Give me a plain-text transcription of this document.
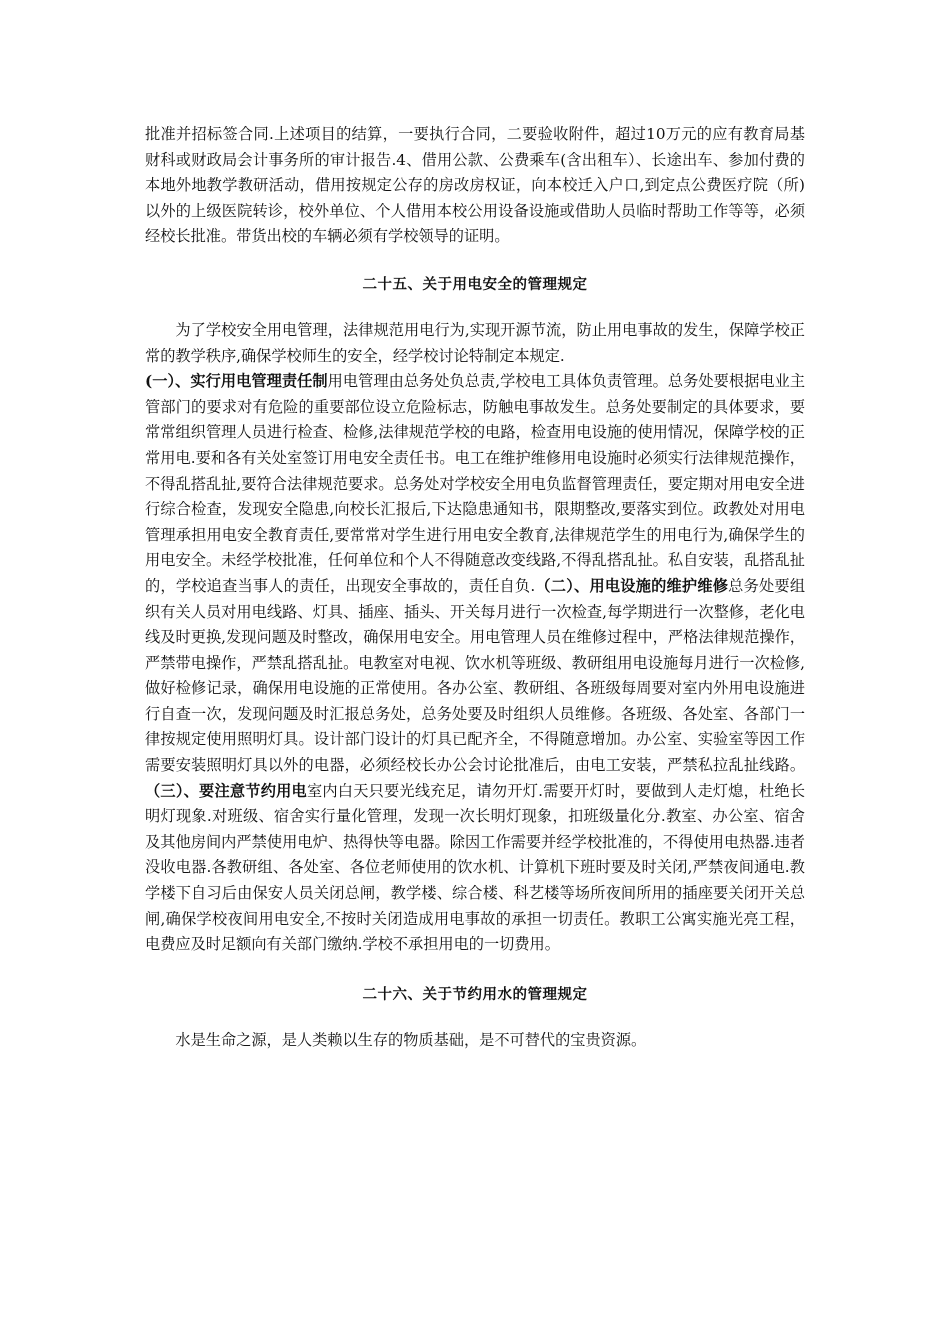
批准并招标签合同.上述项目的结算，一要执行合同，二要验收附件，超过10万元的应有教育局基财科或财政局会计事务所的审计报告.4、借用公款、公费乘车(含出租车）、长途出车、参加付费的本地外地教学教研活动，借用按规定公存的房改房权证，向本校迁入户口,到定点公费医疗院（所)以外的上级医院转诊，校外单位、个人借用本校公用设备设施或借助人员临时帮助工作等等，必须经校长批准。带货出校的车辆必须有学校领导的证明。

二十五、关于用电安全的管理规定

为了学校安全用电管理，法律规范用电行为,实现开源节流，防止用电事故的发生，保障学校正常的教学秩序,确保学校师生的安全，经学校讨论特制定本规定.

(一）、实行用电管理责任制用电管理由总务处负总责,学校电工具体负责管理。总务处要根据电业主管部门的要求对有危险的重要部位设立危险标志，防触电事故发生。总务处要制定的具体要求，要常常组织管理人员进行检查、检修,法律规范学校的电路，检查用电设施的使用情况，保障学校的正常用电.要和各有关处室签订用电安全责任书。电工在维护维修用电设施时必须实行法律规范操作，不得乱搭乱扯,要符合法律规范要求。总务处对学校安全用电负监督管理责任，要定期对用电安全进行综合检查，发现安全隐患,向校长汇报后,下达隐患通知书，限期整改,要落实到位。政教处对用电管理承担用电安全教育责任,要常常对学生进行用电安全教育,法律规范学生的用电行为,确保学生的用电安全。未经学校批准，任何单位和个人不得随意改变线路,不得乱搭乱扯。私自安装，乱搭乱扯的，学校追查当事人的责任，出现安全事故的，责任自负.（二）、用电设施的维护维修总务处要组织有关人员对用电线路、灯具、插座、插头、开关每月进行一次检查,每学期进行一次整修，老化电线及时更换,发现问题及时整改，确保用电安全。用电管理人员在维修过程中，严格法律规范操作，严禁带电操作，严禁乱搭乱扯。电教室对电视、饮水机等班级、教研组用电设施每月进行一次检修,做好检修记录，确保用电设施的正常使用。各办公室、教研组、各班级每周要对室内外用电设施进行自查一次，发现问题及时汇报总务处，总务处要及时组织人员维修。各班级、各处室、各部门一律按规定使用照明灯具。设计部门设计的灯具已配齐全，不得随意增加。办公室、实验室等因工作需要安装照明灯具以外的电器，必须经校长办公会讨论批准后，由电工安装，严禁私拉乱扯线路。（三）、要注意节约用电室内白天只要光线充足，请勿开灯.需要开灯时，要做到人走灯熄，杜绝长明灯现象.对班级、宿舍实行量化管理，发现一次长明灯现象，扣班级量化分.教室、办公室、宿舍及其他房间内严禁使用电炉、热得快等电器。除因工作需要并经学校批准的，不得使用电热器.违者没收电器.各教研组、各处室、各位老师使用的饮水机、计算机下班时要及时关闭,严禁夜间通电.教学楼下自习后由保安人员关闭总闸，教学楼、综合楼、科艺楼等场所夜间所用的插座要关闭开关总闸,确保学校夜间用电安全,不按时关闭造成用电事故的承担一切责任。教职工公寓实施光亮工程，电费应及时足额向有关部门缴纳.学校不承担用电的一切费用。

二十六、关于节约用水的管理规定

水是生命之源，是人类赖以生存的物质基础，是不可替代的宝贵资源。
